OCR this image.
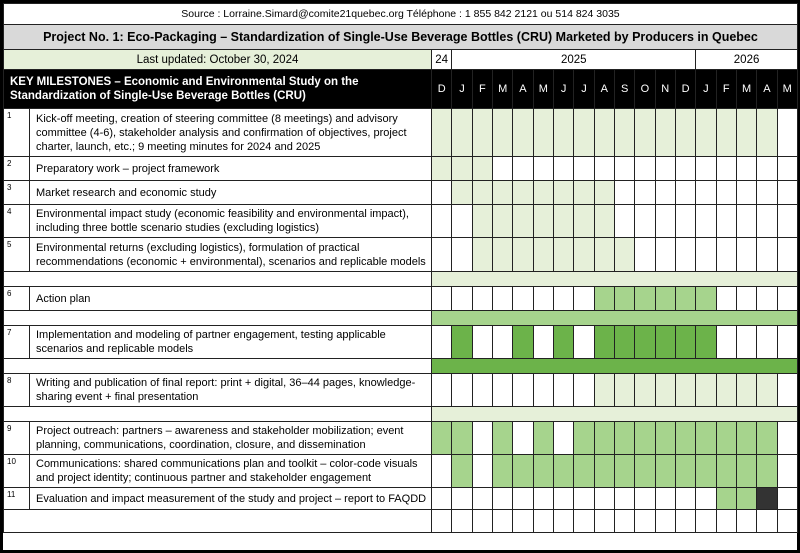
Source : Lorraine.Simard@comite21quebec.org Téléphone : 1 855 842 2121 ou 514 824 3035																			
Project No. 1: Eco-Packaging – Standardization of Single-Use Beverage Bottles (CRU) Marketed by Producers in Quebec																			
Last updated: October 30, 2024		24	2025												2026				
KEY MILESTONES – Economic and Environmental Study on the Standardization of Single-Use Beverage Bottles (CRU)		D	J	F	M	A	M	J	J	A	S	O	N	D	J	F	M	A	M
1	Kick-off meeting, creation of steering committee (8 meetings) and advisory committee (4-6), stakeholder analysis and confirmation of objectives, project charter, launch, etc.; 9 meeting minutes for 2024 and 2025																		
2	Preparatory work – project framework																		
3	Market research and economic study																		
4	Environmental impact study (economic feasibility and environmental impact), including three bottle scenario studies (excluding logistics)																		
5	Environmental returns (excluding logistics), formulation of practical recommendations (economic + environmental), scenarios and replicable models																		

6	Action plan																		

7	Implementation and modeling of partner engagement, testing applicable scenarios and replicable models																		

8	Writing and publication of final report: print + digital, 36–44 pages, knowledge-sharing event + final presentation																		

9	Project outreach: partners – awareness and stakeholder mobilization; event planning, communications, coordination, closure, and dissemination																		
10	Communications: shared communications plan and toolkit – color-code visuals and project identity; continuous partner and stakeholder engagement																		
11	Evaluation and impact measurement of the study and project – report to FAQDD																		
